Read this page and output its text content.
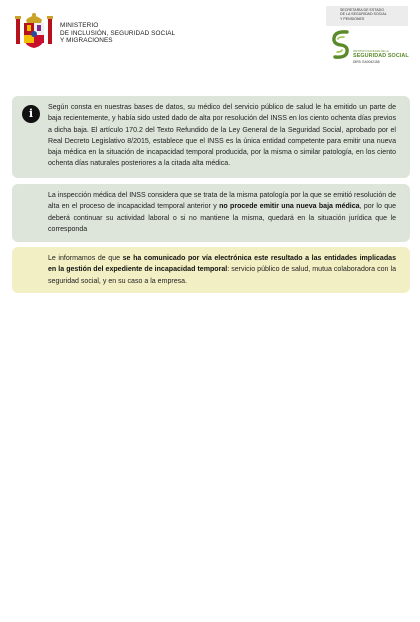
MINISTERIO
DE INCLUSIÓN, SEGURIDAD SOCIAL
Y MIGRACIONES
SECRETARÍA DE ESTADO
DE LA SEGURIDAD SOCIAL
Y PENSIONES
INSTITUTO NACIONAL DE LA
SEGURIDAD SOCIAL
DIR3: EA0042155
i	Según consta en nuestras bases de datos, su médico del servicio público de salud le ha emitido un parte de baja recientemente, y había sido usted dado de alta por resolución del INSS en los ciento ochenta días previos a dicha baja. El artículo 170.2 del Texto Refundido de la Ley General de la Seguridad Social, aprobado por el Real Decreto Legislativo 8/2015, establece que el INSS es la única entidad competente para emitir una nueva baja médica en la situación de incapacidad temporal producida, por la misma o similar patología, en los ciento ochenta días naturales posteriores a la citada alta médica.

La inspección médica del INSS considera que se trata de la misma patología por la que se emitió resolución de alta en el proceso de incapacidad temporal anterior y no procede emitir una nueva baja médica, por lo que deberá continuar su actividad laboral o si no mantiene la misma, quedará en la situación jurídica que le corresponda

Le informamos de que se ha comunicado por vía electrónica este resultado a las entidades implicadas en la gestión del expediente de incapacidad temporal: servicio público de salud, mutua colaboradora con la seguridad social, y en su caso a la empresa.
